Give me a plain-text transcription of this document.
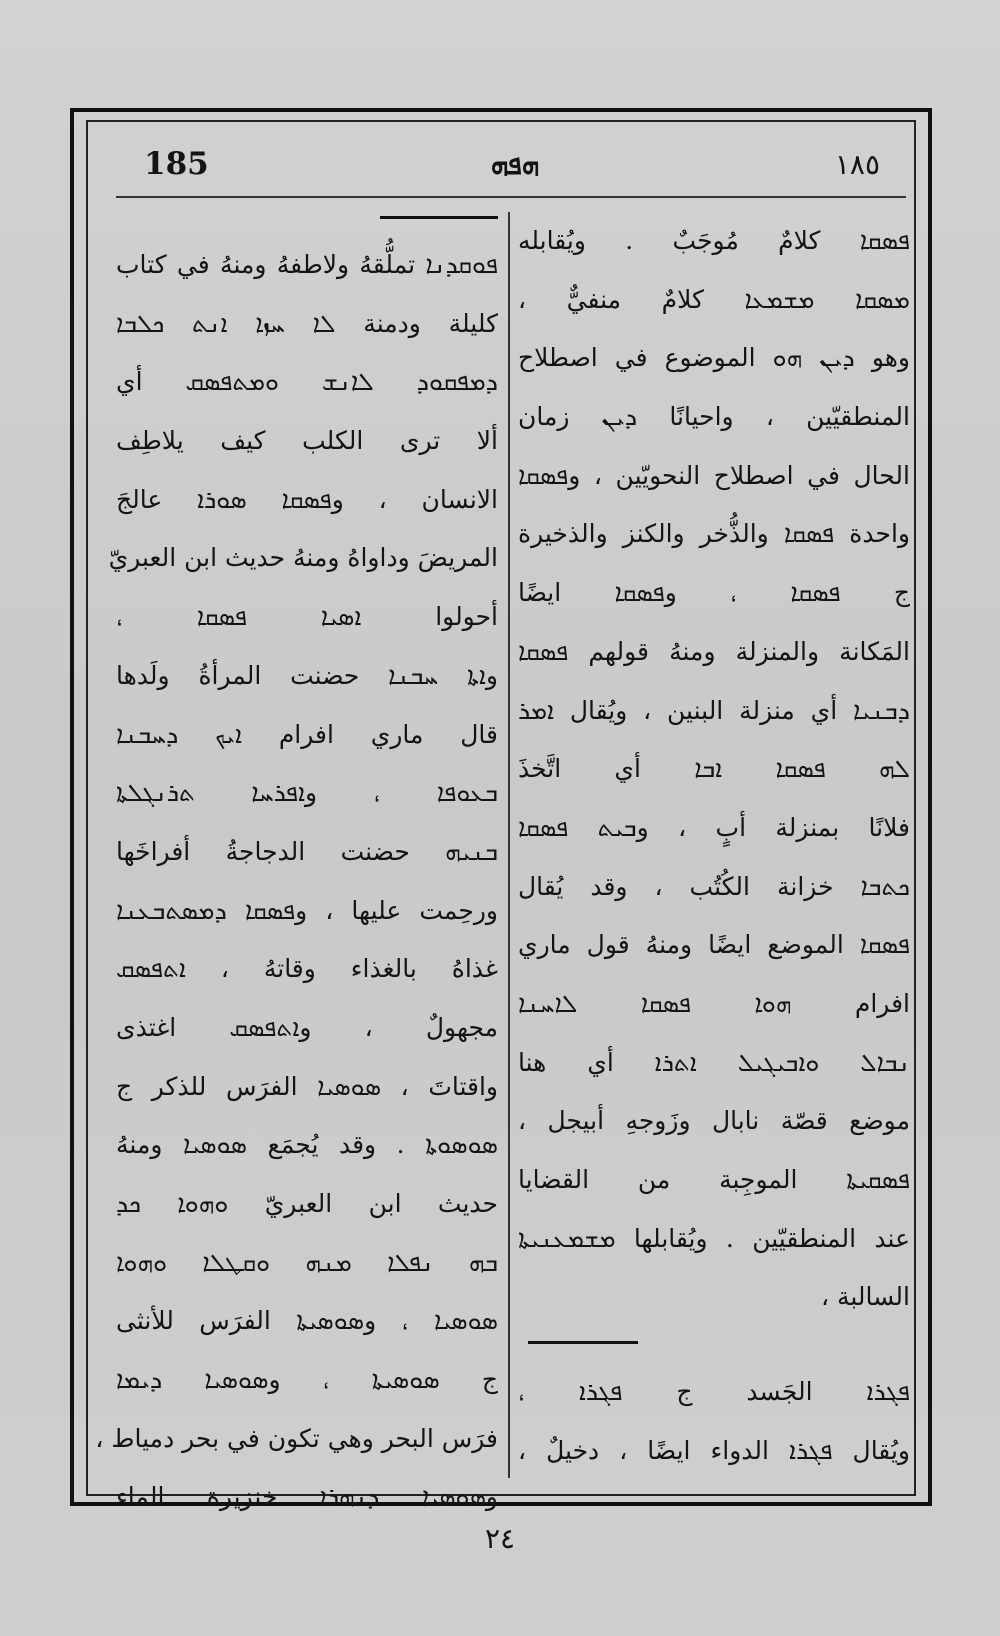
185	ܗܦܗ	١٨٥
ܦܣܩܐ كلامٌ مُوجَبٌ . ويُقابله
ܡܣܩܐ ܡܫܡܥܐ كلامٌ منفيٌّ ،
وهو ܕܝܢ ܗܘ الموضوع في اصطلاح
المنطقيّين ، واحيانًا ܕܝܢ زمان
الحال في اصطلاح النحويّين ، وܦܣܩܐ
واحدة ܦܣܩܐ والذُّخر والكنز والذخيرة
ج ܦܣܩܐ ، وܦܣܩܐ ايضًا
المَكانة والمنزلة ومنهُ قولهم ܦܣܩܐ
ܕܒܢܝܐ أي منزلة البنين ، ويُقال ܐܡܪ
ܠܗ ܦܣܩܐ ܐܒܐ أي اتَّخذَ
فلانًا بمنزلة أبٍ ، وܒܝܬ ܦܣܩܐ
ܟܬܒܐ خزانة الكُتُب ، وقد يُقال
ܦܣܩܐ الموضع ايضًا ومنهُ قول ماري
افرام ܗܘܐ ܦܣܩܐ ܠܐܚܢܐ
ܢܒܐܠ ܘܐܒܝܓܝܠ ܐܬܪܐ أي هنا
موضع قصّة نابال وزَوجهِ أبيجل ،
ܦܣܩܝܬܐ الموجِبة من القضايا
عند المنطقيّين . ويُقابلها ܡܫܡܥܢܝܬܐ
السالبة ،
ܦܓܪܐ الجَسد ج ܦܓܪܐ ،
ويُقال ܦܓܪܐ الدواء ايضًا ، دخيلٌ ،
ܦܘܩܕܢܐ تملُّقهُ ولاطفهُ ومنهُ في كتاب
كليلة ودمنة ܠܐ ܚܙܐ ܐܢܬ ܟܠܒܐ
ܕܡܦܩܘܕ ܠܐܢܫ ܘܡܬܦܣܩ أي
ألا ترى الكلب كيف يلاطِف
الانسان ، وܦܣܩܐ ܣܘܪܐ عالجَ
المريضَ وداواهُ ومنهُ حديث ابن العبريّ
أحولوا ܐܣܝܐ ܦܣܩܐ ،
وܐܬܐ ܚܒܢܐ حضنت المرأةُ ولَدها
قال ماري افرام ܐܝܟ ܕܚܒܢܐ
ܒܥܘܦܐ ، وܐܦܪܚܐ ܬܪܢܓܠܬܐ
ܒܢܝܗ حضنت الدجاجةُ أفراخَها
ورحِمت عليها ، وܦܣܩܐ ܕܡܣܬܒܥܢܐ
غذاهُ بالغذاء وقاتهُ ، ܐܬܦܣܩ
مجهولٌ ، وܐܬܦܣܩ اغتذى
واقتاتَ ، ܣܘܣܝܐ الفرَس للذكر ج
ܣܘܣܘܬܐ . وقد يُجمَع ܣܘܣܝܐ ومنهُ
حديث ابن العبريّ ܘܗܘܐ ܟܕ
ܒܗ ܢܦܠܐ ܡܢܗ ܘܩܛܠܐ ܘܗܘܐ
ܣܘܣܝܐ ، وܣܘܣܝܬܐ الفرَس للأنثى
ج ܣܘܣܝܬܐ ، وܣܘܣܝܐ ܕܝܡܐ
فرَس البحر وهي تكون في بحر دمياط ،
وܣܘܣܝܐ ܕܢܗܪܐ خنزيرة الماء
٢٤
